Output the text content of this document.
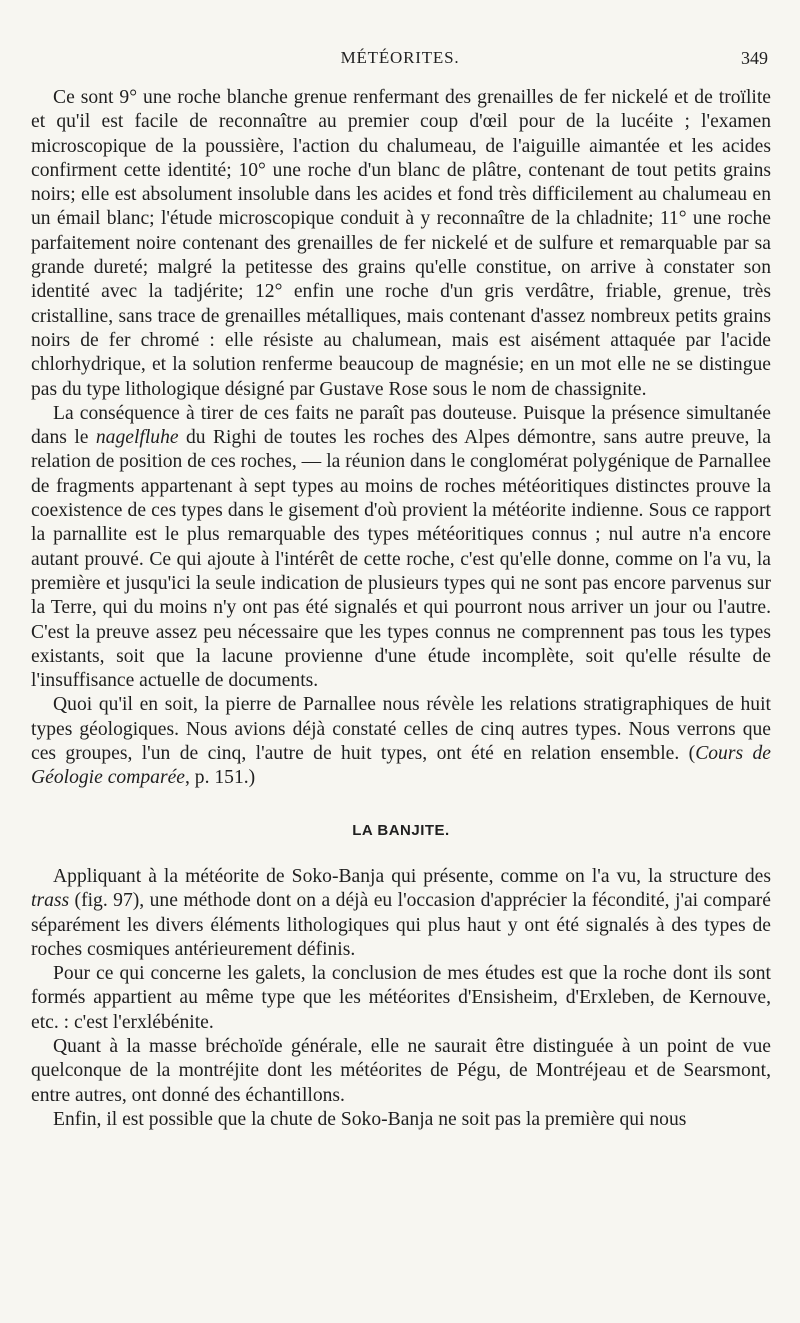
MÉTÉORITES.	349

Ce sont 9° une roche blanche grenue renfermant des grenailles de fer nickelé et de troïlite et qu'il est facile de reconnaître au premier coup d'œil pour de la lucéite ; l'examen microscopique de la poussière, l'action du chalumeau, de l'aiguille aimantée et les acides confirment cette identité; 10° une roche d'un blanc de plâtre, contenant de tout petits grains noirs; elle est absolument insoluble dans les acides et fond très difficilement au chalumeau en un émail blanc; l'étude microscopique conduit à y reconnaître de la chladnite; 11° une roche parfaitement noire contenant des grenailles de fer nickelé et de sulfure et remarquable par sa grande dureté; malgré la petitesse des grains qu'elle constitue, on arrive à constater son identité avec la tadjérite; 12° enfin une roche d'un gris verdâtre, friable, grenue, très cristalline, sans trace de grenailles métalliques, mais contenant d'assez nombreux petits grains noirs de fer chromé : elle résiste au chalumean, mais est aisément attaquée par l'acide chlorhydrique, et la solution renferme beaucoup de magnésie; en un mot elle ne se distingue pas du type lithologique désigné par Gustave Rose sous le nom de chassignite.

La conséquence à tirer de ces faits ne paraît pas douteuse. Puisque la présence simultanée dans le nagelfluhe du Righi de toutes les roches des Alpes démontre, sans autre preuve, la relation de position de ces roches, — la réunion dans le conglomérat polygénique de Parnallee de fragments appartenant à sept types au moins de roches météoritiques distinctes prouve la coexistence de ces types dans le gisement d'où provient la météorite indienne. Sous ce rapport la parnallite est le plus remarquable des types météoritiques connus ; nul autre n'a encore autant prouvé. Ce qui ajoute à l'intérêt de cette roche, c'est qu'elle donne, comme on l'a vu, la première et jusqu'ici la seule indication de plusieurs types qui ne sont pas encore parvenus sur la Terre, qui du moins n'y ont pas été signalés et qui pourront nous arriver un jour ou l'autre. C'est la preuve assez peu nécessaire que les types connus ne comprennent pas tous les types existants, soit que la lacune provienne d'une étude incomplète, soit qu'elle résulte de l'insuffisance actuelle de documents.

Quoi qu'il en soit, la pierre de Parnallee nous révèle les relations stratigraphiques de huit types géologiques. Nous avions déjà constaté celles de cinq autres types. Nous verrons que ces groupes, l'un de cinq, l'autre de huit types, ont été en relation ensemble. (Cours de Géologie comparée, p. 151.)

LA BANJITE.

Appliquant à la météorite de Soko-Banja qui présente, comme on l'a vu, la structure des trass (fig. 97), une méthode dont on a déjà eu l'occasion d'apprécier la fécondité, j'ai comparé séparément les divers éléments lithologiques qui plus haut y ont été signalés à des types de roches cosmiques antérieurement définis.

Pour ce qui concerne les galets, la conclusion de mes études est que la roche dont ils sont formés appartient au même type que les météorites d'Ensisheim, d'Erxleben, de Kernouve, etc. : c'est l'erxlébénite.

Quant à la masse bréchoïde générale, elle ne saurait être distinguée à un point de vue quelconque de la montréjite dont les météorites de Pégu, de Montréjeau et de Searsmont, entre autres, ont donné des échantillons.

Enfin, il est possible que la chute de Soko-Banja ne soit pas la première qui nous
